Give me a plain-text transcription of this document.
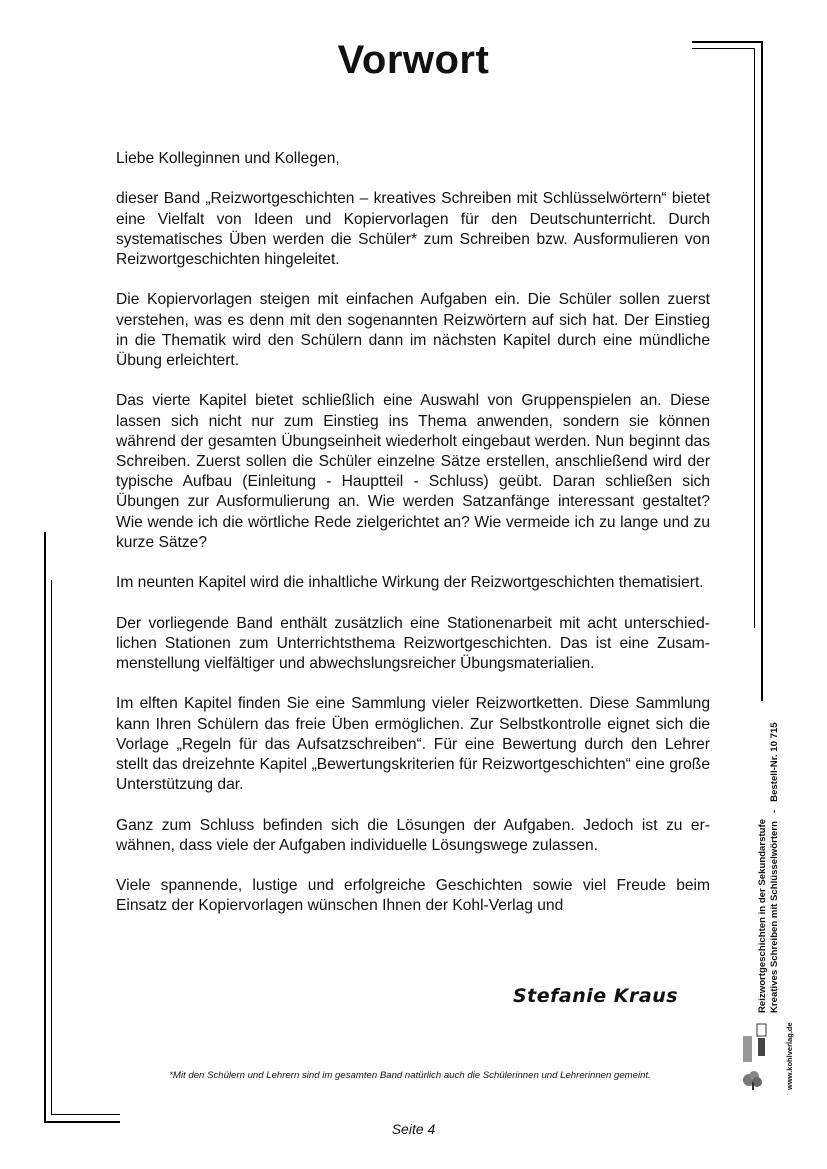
Vorwort

Liebe Kolleginnen und Kollegen,

dieser Band „Reizwortgeschichten – kreatives Schreiben mit Schlüsselwörtern“ bietet eine Vielfalt von Ideen und Kopiervorlagen für den Deutschunterricht. Durch systematisches Üben werden die Schüler* zum Schreiben bzw. Ausformulieren von Reizwortgeschichten hingeleitet.

Die Kopiervorlagen steigen mit einfachen Aufgaben ein. Die Schüler sollen zuerst verstehen, was es denn mit den sogenannten Reizwörtern auf sich hat. Der Einstieg in die Thematik wird den Schülern dann im nächsten Kapitel durch eine mündliche Übung erleichtert.

Das vierte Kapitel bietet schließlich eine Auswahl von Gruppenspielen an. Diese lassen sich nicht nur zum Einstieg ins Thema anwenden, sondern sie können während der gesamten Übungseinheit wiederholt eingebaut werden. Nun beginnt das Schreiben. Zuerst sollen die Schüler einzelne Sätze erstellen, anschließend wird der typische Aufbau (Einleitung - Hauptteil - Schluss) geübt. Daran schließen sich Übungen zur Ausformulierung an. Wie werden Satzanfänge interessant gestaltet? Wie wende ich die wörtliche Rede zielgerichtet an? Wie vermeide ich zu lange und zu kurze Sätze?

Im neunten Kapitel wird die inhaltliche Wirkung der Reizwortgeschichten thematisiert.

Der vorliegende Band enthält zusätzlich eine Stationenarbeit mit acht unterschiedlichen Stationen zum Unterrichtsthema Reizwortgeschichten. Das ist eine Zusammenstellung vielfältiger und abwechslungsreicher Übungsmaterialien.

Im elften Kapitel finden Sie eine Sammlung vieler Reizwortketten. Diese Sammlung kann Ihren Schülern das freie Üben ermöglichen. Zur Selbstkontrolle eignet sich die Vorlage „Regeln für das Aufsatzschreiben“. Für eine Bewertung durch den Lehrer stellt das dreizehnte Kapitel „Bewertungskriterien für Reizwortgeschichten“ eine große Unterstützung dar.

Ganz zum Schluss befinden sich die Lösungen der Aufgaben. Jedoch ist zu erwähnen, dass viele der Aufgaben individuelle Lösungswege zulassen.

Viele spannende, lustige und erfolgreiche Geschichten sowie viel Freude beim Einsatz der Kopiervorlagen wünschen Ihnen der Kohl-Verlag und

Stefanie Kraus
*Mit den Schülern und Lehrern sind im gesamten Band natürlich auch die Schülerinnen und Lehrerinnen gemeint.
Seite 4
Reizwortgeschichten in der Sekundarstufe Kreatives Schreiben mit Schlüsselwörtern   -   Bestell-Nr. 10 715
www.kohlverlag.de
